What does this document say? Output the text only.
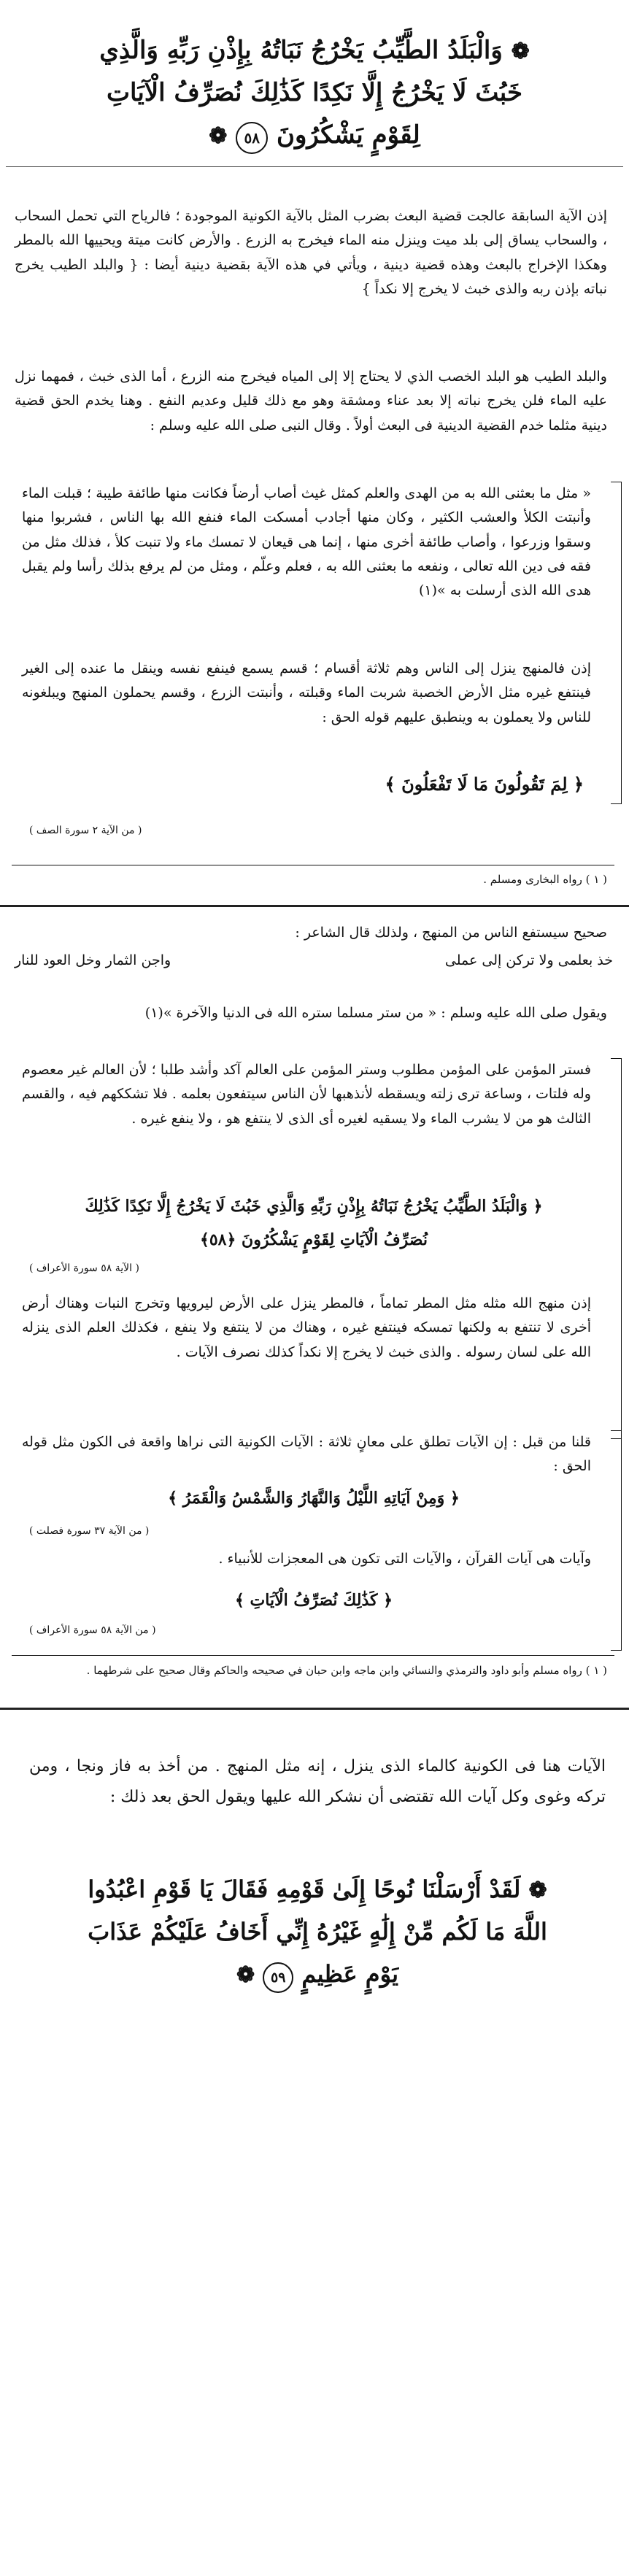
❁ وَالْبَلَدُ الطَّيِّبُ يَخْرُجُ نَبَاتُهُ بِإِذْنِ رَبِّهِ وَالَّذِي
خَبُثَ لَا يَخْرُجُ إِلَّا نَكِدًا كَذَٰلِكَ نُصَرِّفُ الْآيَاتِ
لِقَوْمٍ يَشْكُرُونَ ٥٨ ❁
إذن الآية السابقة عالجت قضية البعث بضرب المثل بالآية الكونية الموجودة ؛ فالرياح التي تحمل السحاب ، والسحاب يساق إلى بلد ميت وينزل منه الماء فيخرج به الزرع . والأرض كانت ميتة ويحييها الله بالمطر وهكذا الإخراج بالبعث وهذه قضية دينية ، ويأتي في هذه الآية بقضية دينية أيضا : { والبلد الطيب يخرج نباته بإذن ربه والذى خبث لا يخرج إلا نكداً }
والبلد الطيب هو البلد الخصب الذي لا يحتاج إلا إلى المياه فيخرج منه الزرع ، أما الذى خبث ، فمهما نزل عليه الماء فلن يخرج نباته إلا بعد عناء ومشقة وهو مع ذلك قليل وعديم النفع . وهنا يخدم الحق قضية دينية مثلما خدم القضية الدينية فى البعث أولاً . وقال النبى صلى الله عليه وسلم :
« مثل ما بعثنى الله به من الهدى والعلم كمثل غيث أصاب أرضاً فكانت منها طائفة طيبة ؛ قبلت الماء وأنبتت الكلأ والعشب الكثير ، وكان منها أجادب أمسكت الماء فنفع الله بها الناس ، فشربوا منها وسقوا وزرعوا ، وأصاب طائفة أخرى منها ، إنما هى قيعان لا تمسك ماء ولا تنبت كلأ ، فذلك مثل من فقه فى دين الله تعالى ، ونفعه ما بعثنى الله به ، فعلم وعلّم ، ومثل من لم يرفع بذلك رأسا ولم يقبل هدى الله الذى أرسلت به »(١)
إذن فالمنهج ينزل إلى الناس وهم ثلاثة أقسام ؛ قسم يسمع فينفع نفسه وينقل ما عنده إلى الغير فينتفع غيره مثل الأرض الخصبة شربت الماء وقبلته ، وأنبتت الزرع ، وقسم يحملون المنهج ويبلغونه للناس ولا يعملون به وينطبق عليهم قوله الحق :
﴿ لِمَ تَقُولُونَ مَا لَا تَفْعَلُونَ ﴾
( من الآية ٢ سورة الصف )
( ١ ) رواه البخارى ومسلم .
صحيح سيستفع الناس من المنهج ، ولذلك قال الشاعر :
خذ بعلمى ولا تركن إلى عملى
واجن الثمار وخل العود للنار
ويقول صلى الله عليه وسلم : « من ستر مسلما ستره الله فى الدنيا والآخرة »(١)
فستر المؤمن على المؤمن مطلوب وستر المؤمن على العالم آكد وأشد طلبا ؛ لأن العالم غير معصوم وله فلتات ، وساعة ترى زلته ويسقطه لأنذهبها لأن الناس سيتفعون بعلمه . فلا تشككهم فيه ، والقسم الثالث هو من لا يشرب الماء ولا يسقيه لغيره أى الذى لا ينتفع هو ، ولا ينفع غيره .
﴿ وَالْبَلَدُ الطَّيِّبُ يَخْرُجُ نَبَاتُهُ بِإِذْنِ رَبِّهِ وَالَّذِي خَبُثَ لَا يَخْرُجُ إِلَّا نَكِدًا كَذَٰلِكَ
نُصَرِّفُ الْآيَاتِ لِقَوْمٍ يَشْكُرُونَ ﴿٥٨﴾
( الآية ٥٨ سورة الأعراف )
إذن منهج الله مثله مثل المطر تماماً ، فالمطر ينزل على الأرض ليرويها وتخرج النبات وهناك أرض أخرى لا تنتفع به ولكنها تمسكه فينتفع غيره ، وهناك من لا ينتفع ولا ينفع ، فكذلك العلم الذى ينزله الله على لسان رسوله . والذى خبث لا يخرج إلا نكداً كذلك نصرف الآيات .
قلنا من قبل : إن الآيات تطلق على معانٍ ثلاثة : الآيات الكونية التى نراها واقعة فى الكون مثل قوله الحق :
﴿ وَمِنْ آيَاتِهِ اللَّيْلُ وَالنَّهَارُ وَالشَّمْسُ وَالْقَمَرُ ﴾
( من الآية ٣٧ سورة فصلت )
وآيات هى آيات القرآن ، والآيات التى تكون هى المعجزات للأنبياء .
﴿ كَذَٰلِكَ نُصَرِّفُ الْآيَاتِ ﴾
( من الآية ٥٨ سورة الأعراف )
( ١ ) رواه مسلم وأبو داود والترمذي والنسائي وابن ماجه وابن حبان في صحيحه والحاكم وقال صحيح على شرطهما .
الآيات هنا فى الكونية كالماء الذى ينزل ، إنه مثل المنهج . من أخذ به فاز ونجا ، ومن تركه وغوى وكل آيات الله تقتضى أن نشكر الله عليها ويقول الحق بعد ذلك :
❁ لَقَدْ أَرْسَلْنَا نُوحًا إِلَىٰ قَوْمِهِ فَقَالَ يَا قَوْمِ اعْبُدُوا
اللَّهَ مَا لَكُم مِّنْ إِلَٰهٍ غَيْرُهُ إِنِّي أَخَافُ عَلَيْكُمْ عَذَابَ
يَوْمٍ عَظِيمٍ ٥٩ ❁
